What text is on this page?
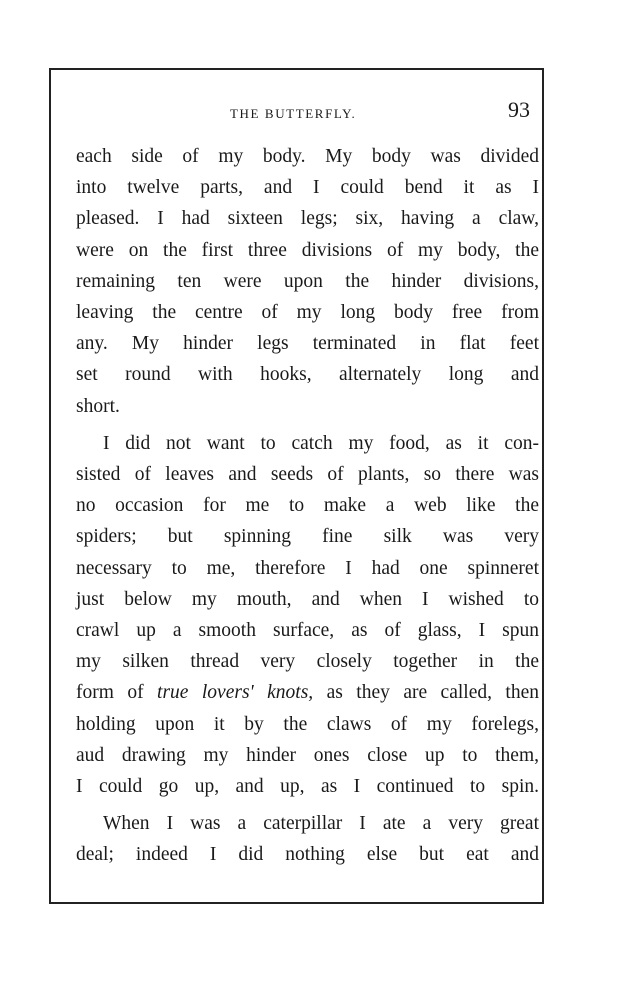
THE BUTTERFLY.	93

each side of my body. My body was divided
into twelve parts, and I could bend it as I
pleased. I had sixteen legs; six, having a claw,
were on the first three divisions of my body, the
remaining ten were upon the hinder divisions,
leaving the centre of my long body free from
any. My hinder legs terminated in flat feet
set round with hooks, alternately long and
short.

I did not want to catch my food, as it con-
sisted of leaves and seeds of plants, so there was
no occasion for me to make a web like the
spiders; but spinning fine silk was very
necessary to me, therefore I had one spinneret
just below my mouth, and when I wished to
crawl up a smooth surface, as of glass, I spun
my silken thread very closely together in the
form of true lovers' knots, as they are called, then
holding upon it by the claws of my forelegs,
aud drawing my hinder ones close up to them,
I could go up, and up, as I continued to spin.

When I was a caterpillar I ate a very great
deal; indeed I did nothing else but eat and
